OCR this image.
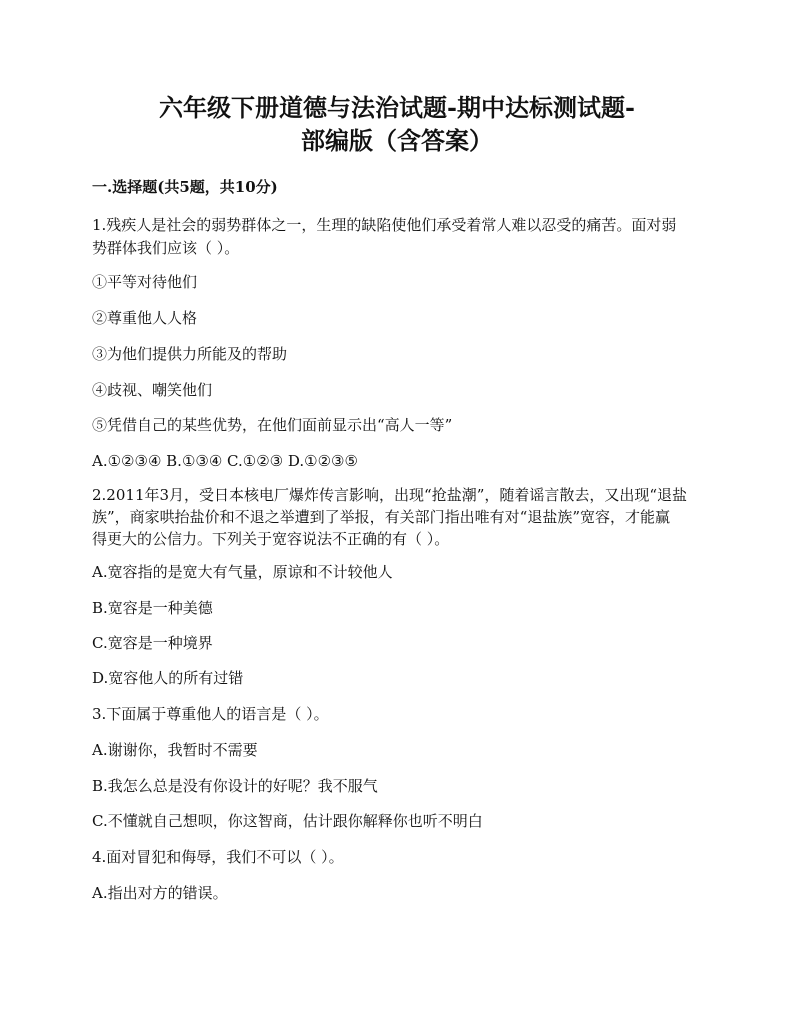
六年级下册道德与法治试题-期中达标测试题-
部编版（含答案）
一.选择题(共5题，共10分)
1.残疾人是社会的弱势群体之一，生理的缺陷使他们承受着常人难以忍受的痛苦。面对弱
势群体我们应该（ ）。
①平等对待他们
②尊重他人人格
③为他们提供力所能及的帮助
④歧视、嘲笑他们
⑤凭借自己的某些优势，在他们面前显示出“高人一等”
A.①②③④ B.①③④ C.①②③ D.①②③⑤
2.2011年3月，受日本核电厂爆炸传言影响，出现“抢盐潮”，随着谣言散去，又出现“退盐
族”，商家哄抬盐价和不退之举遭到了举报，有关部门指出唯有对“退盐族”宽容，才能赢
得更大的公信力。下列关于宽容说法不正确的有（ ）。
A.宽容指的是宽大有气量，原谅和不计较他人
B.宽容是一种美德
C.宽容是一种境界
D.宽容他人的所有过错
3.下面属于尊重他人的语言是（ ）。
A.谢谢你，我暂时不需要
B.我怎么总是没有你设计的好呢？我不服气
C.不懂就自己想呗，你这智商，估计跟你解释你也听不明白
4.面对冒犯和侮辱，我们不可以（ ）。
A.指出对方的错误。
